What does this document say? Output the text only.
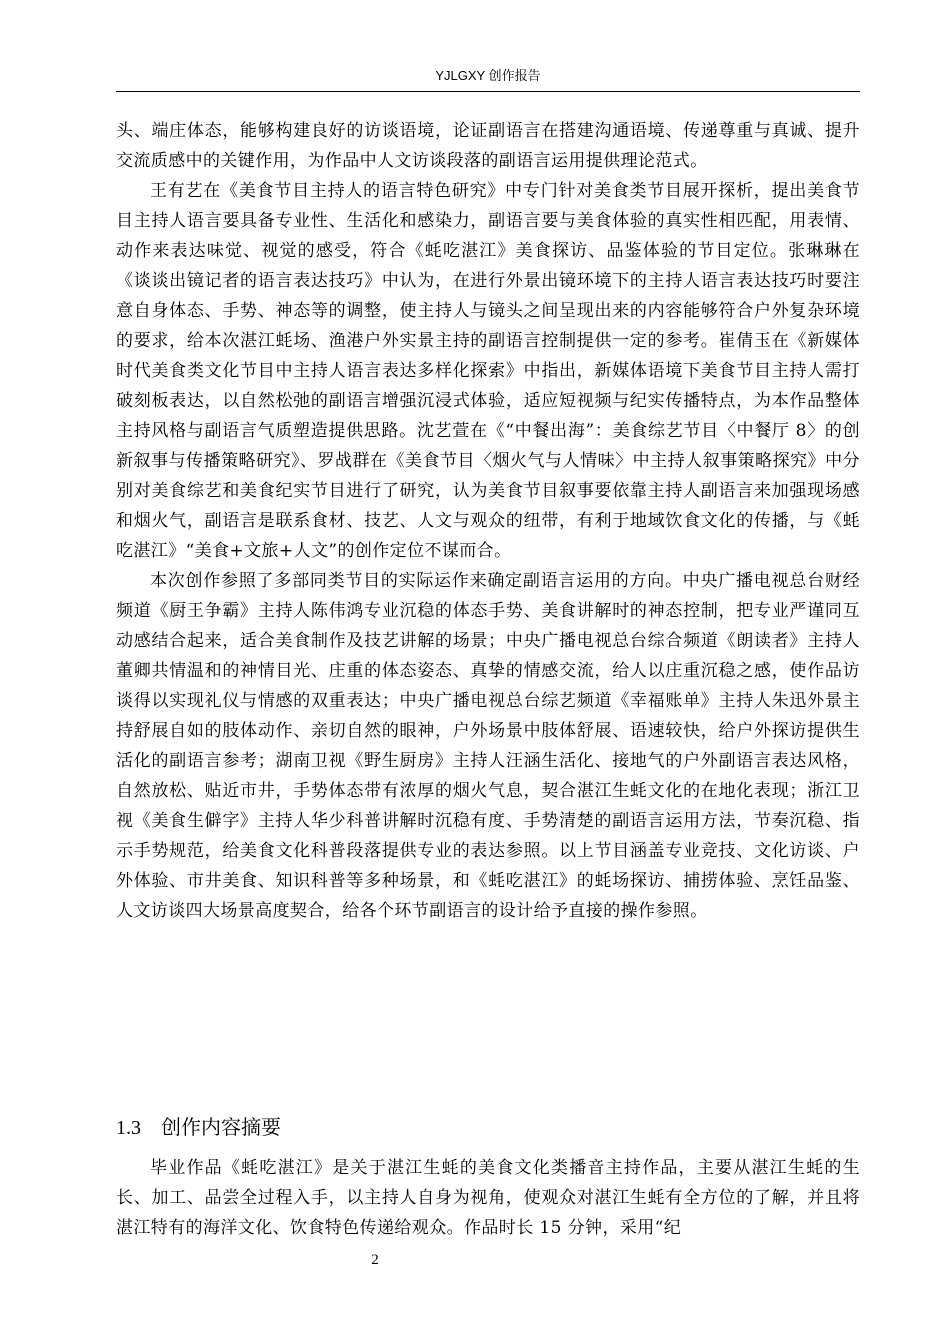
YJLGXY 创作报告

头、端庄体态，能够构建良好的访谈语境，论证副语言在搭建沟通语境、传递尊重与真诚、提升交流质感中的关键作用，为作品中人文访谈段落的副语言运用提供理论范式。

王有艺在《美食节目主持人的语言特色研究》中专门针对美食类节目展开探析，提出美食节目主持人语言要具备专业性、生活化和感染力，副语言要与美食体验的真实性相匹配，用表情、动作来表达味觉、视觉的感受，符合《蚝吃湛江》美食探访、品鉴体验的节目定位。张琳琳在《谈谈出镜记者的语言表达技巧》中认为，在进行外景出镜环境下的主持人语言表达技巧时要注意自身体态、手势、神态等的调整，使主持人与镜头之间呈现出来的内容能够符合户外复杂环境的要求，给本次湛江蚝场、渔港户外实景主持的副语言控制提供一定的参考。崔倩玉在《新媒体时代美食类文化节目中主持人语言表达多样化探索》中指出，新媒体语境下美食节目主持人需打破刻板表达，以自然松弛的副语言增强沉浸式体验，适应短视频与纪实传播特点，为本作品整体主持风格与副语言气质塑造提供思路。沈艺萱在《“中餐出海”：美食综艺节目〈中餐厅 8〉的创新叙事与传播策略研究》、罗战群在《美食节目〈烟火气与人情味〉中主持人叙事策略探究》中分别对美食综艺和美食纪实节目进行了研究，认为美食节目叙事要依靠主持人副语言来加强现场感和烟火气，副语言是联系食材、技艺、人文与观众的纽带，有利于地域饮食文化的传播，与《蚝吃湛江》“美食+文旅+人文”的创作定位不谋而合。

本次创作参照了多部同类节目的实际运作来确定副语言运用的方向。中央广播电视总台财经频道《厨王争霸》主持人陈伟鸿专业沉稳的体态手势、美食讲解时的神态控制，把专业严谨同互动感结合起来，适合美食制作及技艺讲解的场景；中央广播电视总台综合频道《朗读者》主持人董卿共情温和的神情目光、庄重的体态姿态、真挚的情感交流，给人以庄重沉稳之感，使作品访谈得以实现礼仪与情感的双重表达；中央广播电视总台综艺频道《幸福账单》主持人朱迅外景主持舒展自如的肢体动作、亲切自然的眼神，户外场景中肢体舒展、语速较快，给户外探访提供生活化的副语言参考；湖南卫视《野生厨房》主持人汪涵生活化、接地气的户外副语言表达风格，自然放松、贴近市井，手势体态带有浓厚的烟火气息，契合湛江生蚝文化的在地化表现；浙江卫视《美食生僻字》主持人华少科普讲解时沉稳有度、手势清楚的副语言运用方法，节奏沉稳、指示手势规范，给美食文化科普段落提供专业的表达参照。以上节目涵盖专业竞技、文化访谈、户外体验、市井美食、知识科普等多种场景，和《蚝吃湛江》的蚝场探访、捕捞体验、烹饪品鉴、人文访谈四大场景高度契合，给各个环节副语言的设计给予直接的操作参照。

1.3 创作内容摘要

毕业作品《蚝吃湛江》是关于湛江生蚝的美食文化类播音主持作品，主要从湛江生蚝的生长、加工、品尝全过程入手，以主持人自身为视角，使观众对湛江生蚝有全方位的了解，并且将湛江特有的海洋文化、饮食特色传递给观众。作品时长 15 分钟，采用“纪

2
